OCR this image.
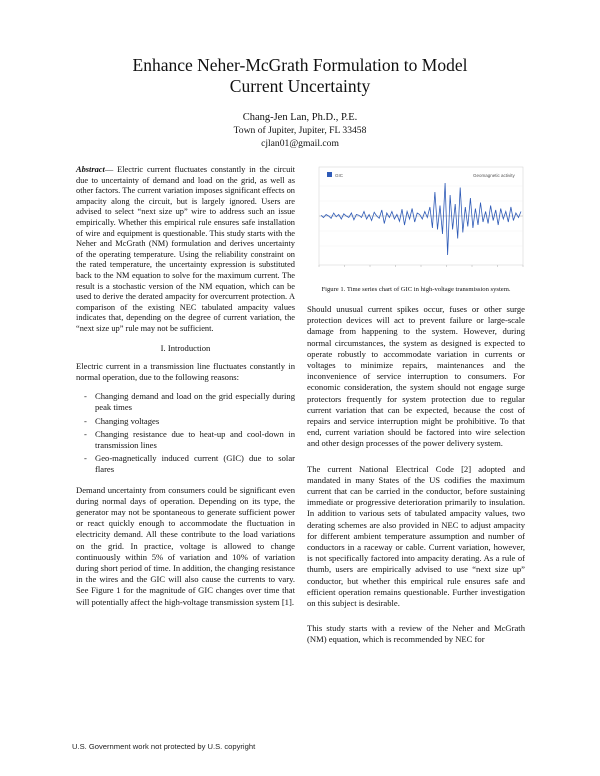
Enhance Neher-McGrath Formulation to Model
Current Uncertainty
Chang-Jen Lan, Ph.D., P.E.
Town of Jupiter, Jupiter, FL 33458
cjlan01@gmail.com

Abstract— Electric current fluctuates constantly in the circuit due to uncertainty of demand and load on the grid, as well as other factors. The current variation imposes significant effects on ampacity along the circuit, but is largely ignored. Users are advised to select “next size up” wire to address such an issue empirically. Whether this empirical rule ensures safe installation of wire and equipment is questionable. This study starts with the Neher and McGrath (NM) formulation and derives uncertainty of the operating temperature. Using the reliability constraint on the rated temperature, the uncertainty expression is substituted back to the NM equation to solve for the maximum current. The result is a stochastic version of the NM equation, which can be used to derive the derated ampacity for overcurrent protection. A comparison of the existing NEC tabulated ampacity values indicates that, depending on the degree of current variation, the “next size up” rule may not be sufficient.

I. Introduction

Electric current in a transmission line fluctuates constantly in normal operation, due to the following reasons:

- Changing demand and load on the grid especially during peak times
- Changing voltages
- Changing resistance due to heat-up and cool-down in transmission lines
- Geo-magnetically induced current (GIC) due to solar flares

Demand uncertainty from consumers could be significant even during normal days of operation. Depending on its type, the generator may not be spontaneous to generate sufficient power or react quickly enough to accommodate the fluctuation in electricity demand. All these contribute to the load variations on the grid. In practice, voltage is allowed to change continuously within 5% of variation and 10% of variation during short period of time. In addition, the changing resistance in the wires and the GIC will also cause the currents to vary. See Figure 1 for the magnitude of GIC changes over time that will potentially affect the high-voltage transmission system [1].

GIC	Geomagnetic activity
Figure 1. Time series chart of GIC in high-voltage transmission system.

Should unusual current spikes occur, fuses or other surge protection devices will act to prevent failure or large-scale damage from happening to the system. However, during normal circumstances, the system as designed is expected to operate robustly to accommodate variation in currents or voltages to minimize repairs, maintenances and the inconvenience of service interruption to consumers. For economic consideration, the system should not engage surge protectors frequently for system protection due to regular current variation that can be expected, because the cost of repairs and service interruption might be prohibitive. To that end, current variation should be factored into wire selection and other design processes of the power delivery system.

The current National Electrical Code [2] adopted and mandated in many States of the US codifies the maximum current that can be carried in the conductor, before sustaining immediate or progressive deterioration primarily to insulation. In addition to various sets of tabulated ampacity values, two derating schemes are also provided in NEC to adjust ampacity for different ambient temperature assumption and number of conductors in a raceway or cable. Current variation, however, is not specifically factored into ampacity derating. As a rule of thumb, users are empirically advised to use “next size up” conductor, but whether this empirical rule ensures safe and efficient operation remains questionable. Further investigation on this subject is desirable.

This study starts with a review of the Neher and McGrath (NM) equation, which is recommended by NEC for

U.S. Government work not protected by U.S. copyright
